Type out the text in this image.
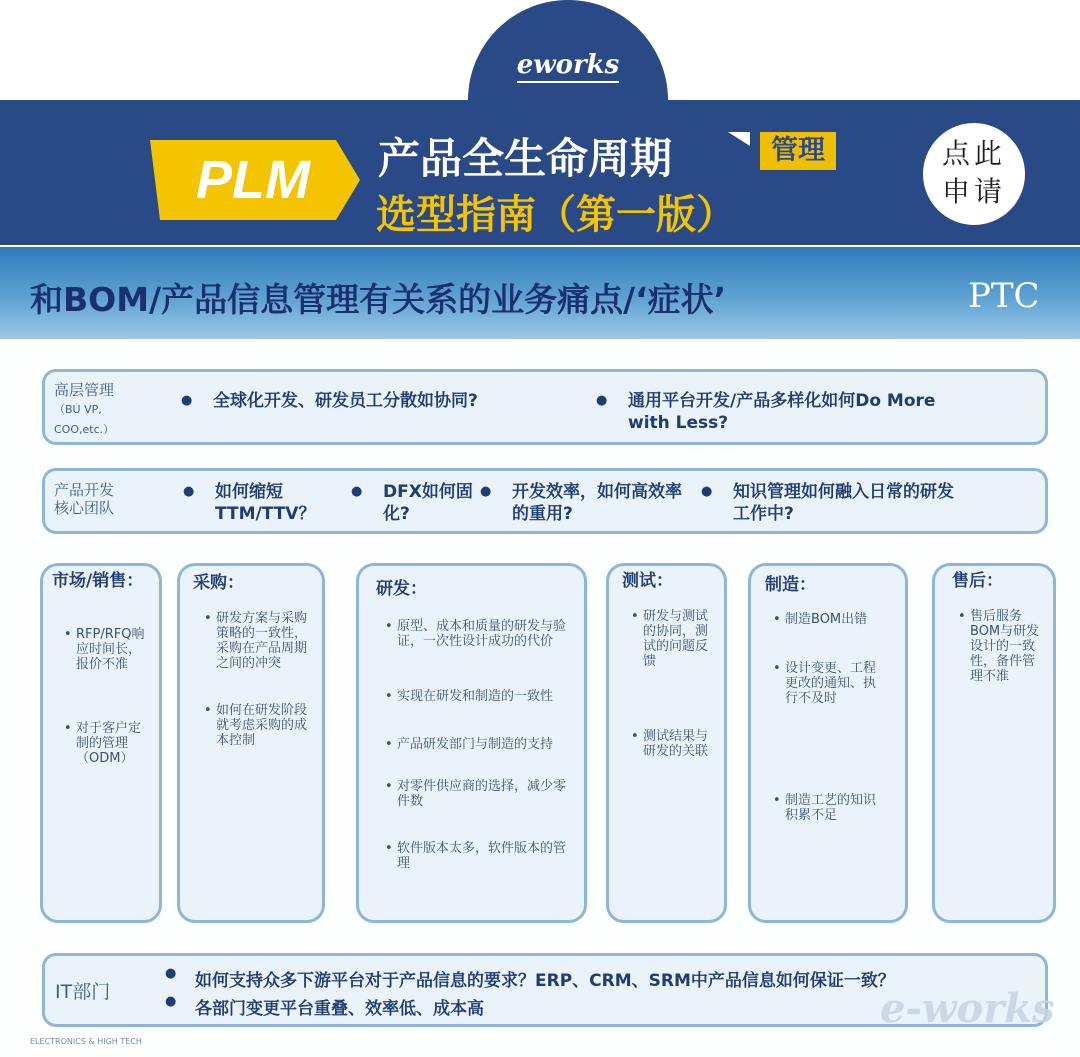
eworks
PLM	产品全生命周期	管理
选型指南（第一版）
点此
申请
和BOM/产品信息管理有关系的业务痛点/‘症状’	PTC
高层管理
（BU VP,
COO,etc.）
● 全球化开发、研发员工分散如协同?	● 通用平台开发/产品多样化如何Do More with Less?
产品开发
核心团队
● 如何缩短TTM/TTV？
● DFX如何固化?
● 开发效率，如何高效率的重用?
● 知识管理如何融入日常的研发工作中?
市场/销售：
• RFP/RFQ响应时间长，报价不准
• 对于客户定制的管理（ODM）
采购：
• 研发方案与采购策略的一致性，采购在产品周期之间的冲突
• 如何在研发阶段就考虑采购的成本控制
研发：
• 原型、成本和质量的研发与验证，一次性设计成功的代价
• 实现在研发和制造的一致性
• 产品研发部门与制造的支持
• 对零件供应商的选择，减少零件数
• 软件版本太多，软件版本的管理
测试：
• 研发与测试的协同，测试的问题反馈
• 测试结果与研发的关联
制造：
• 制造BOM出错
• 设计变更、工程更改的通知、执行不及时
• 制造工艺的知识积累不足
售后：
• 售后服务BOM与研发设计的一致性，备件管理不准
IT部门	● 如何支持众多下游平台对于产品信息的要求？ERP、CRM、SRM中产品信息如何保证一致？
● 各部门变更平台重叠、效率低、成本高	e-works
ELECTRONICS & HIGH TECH
